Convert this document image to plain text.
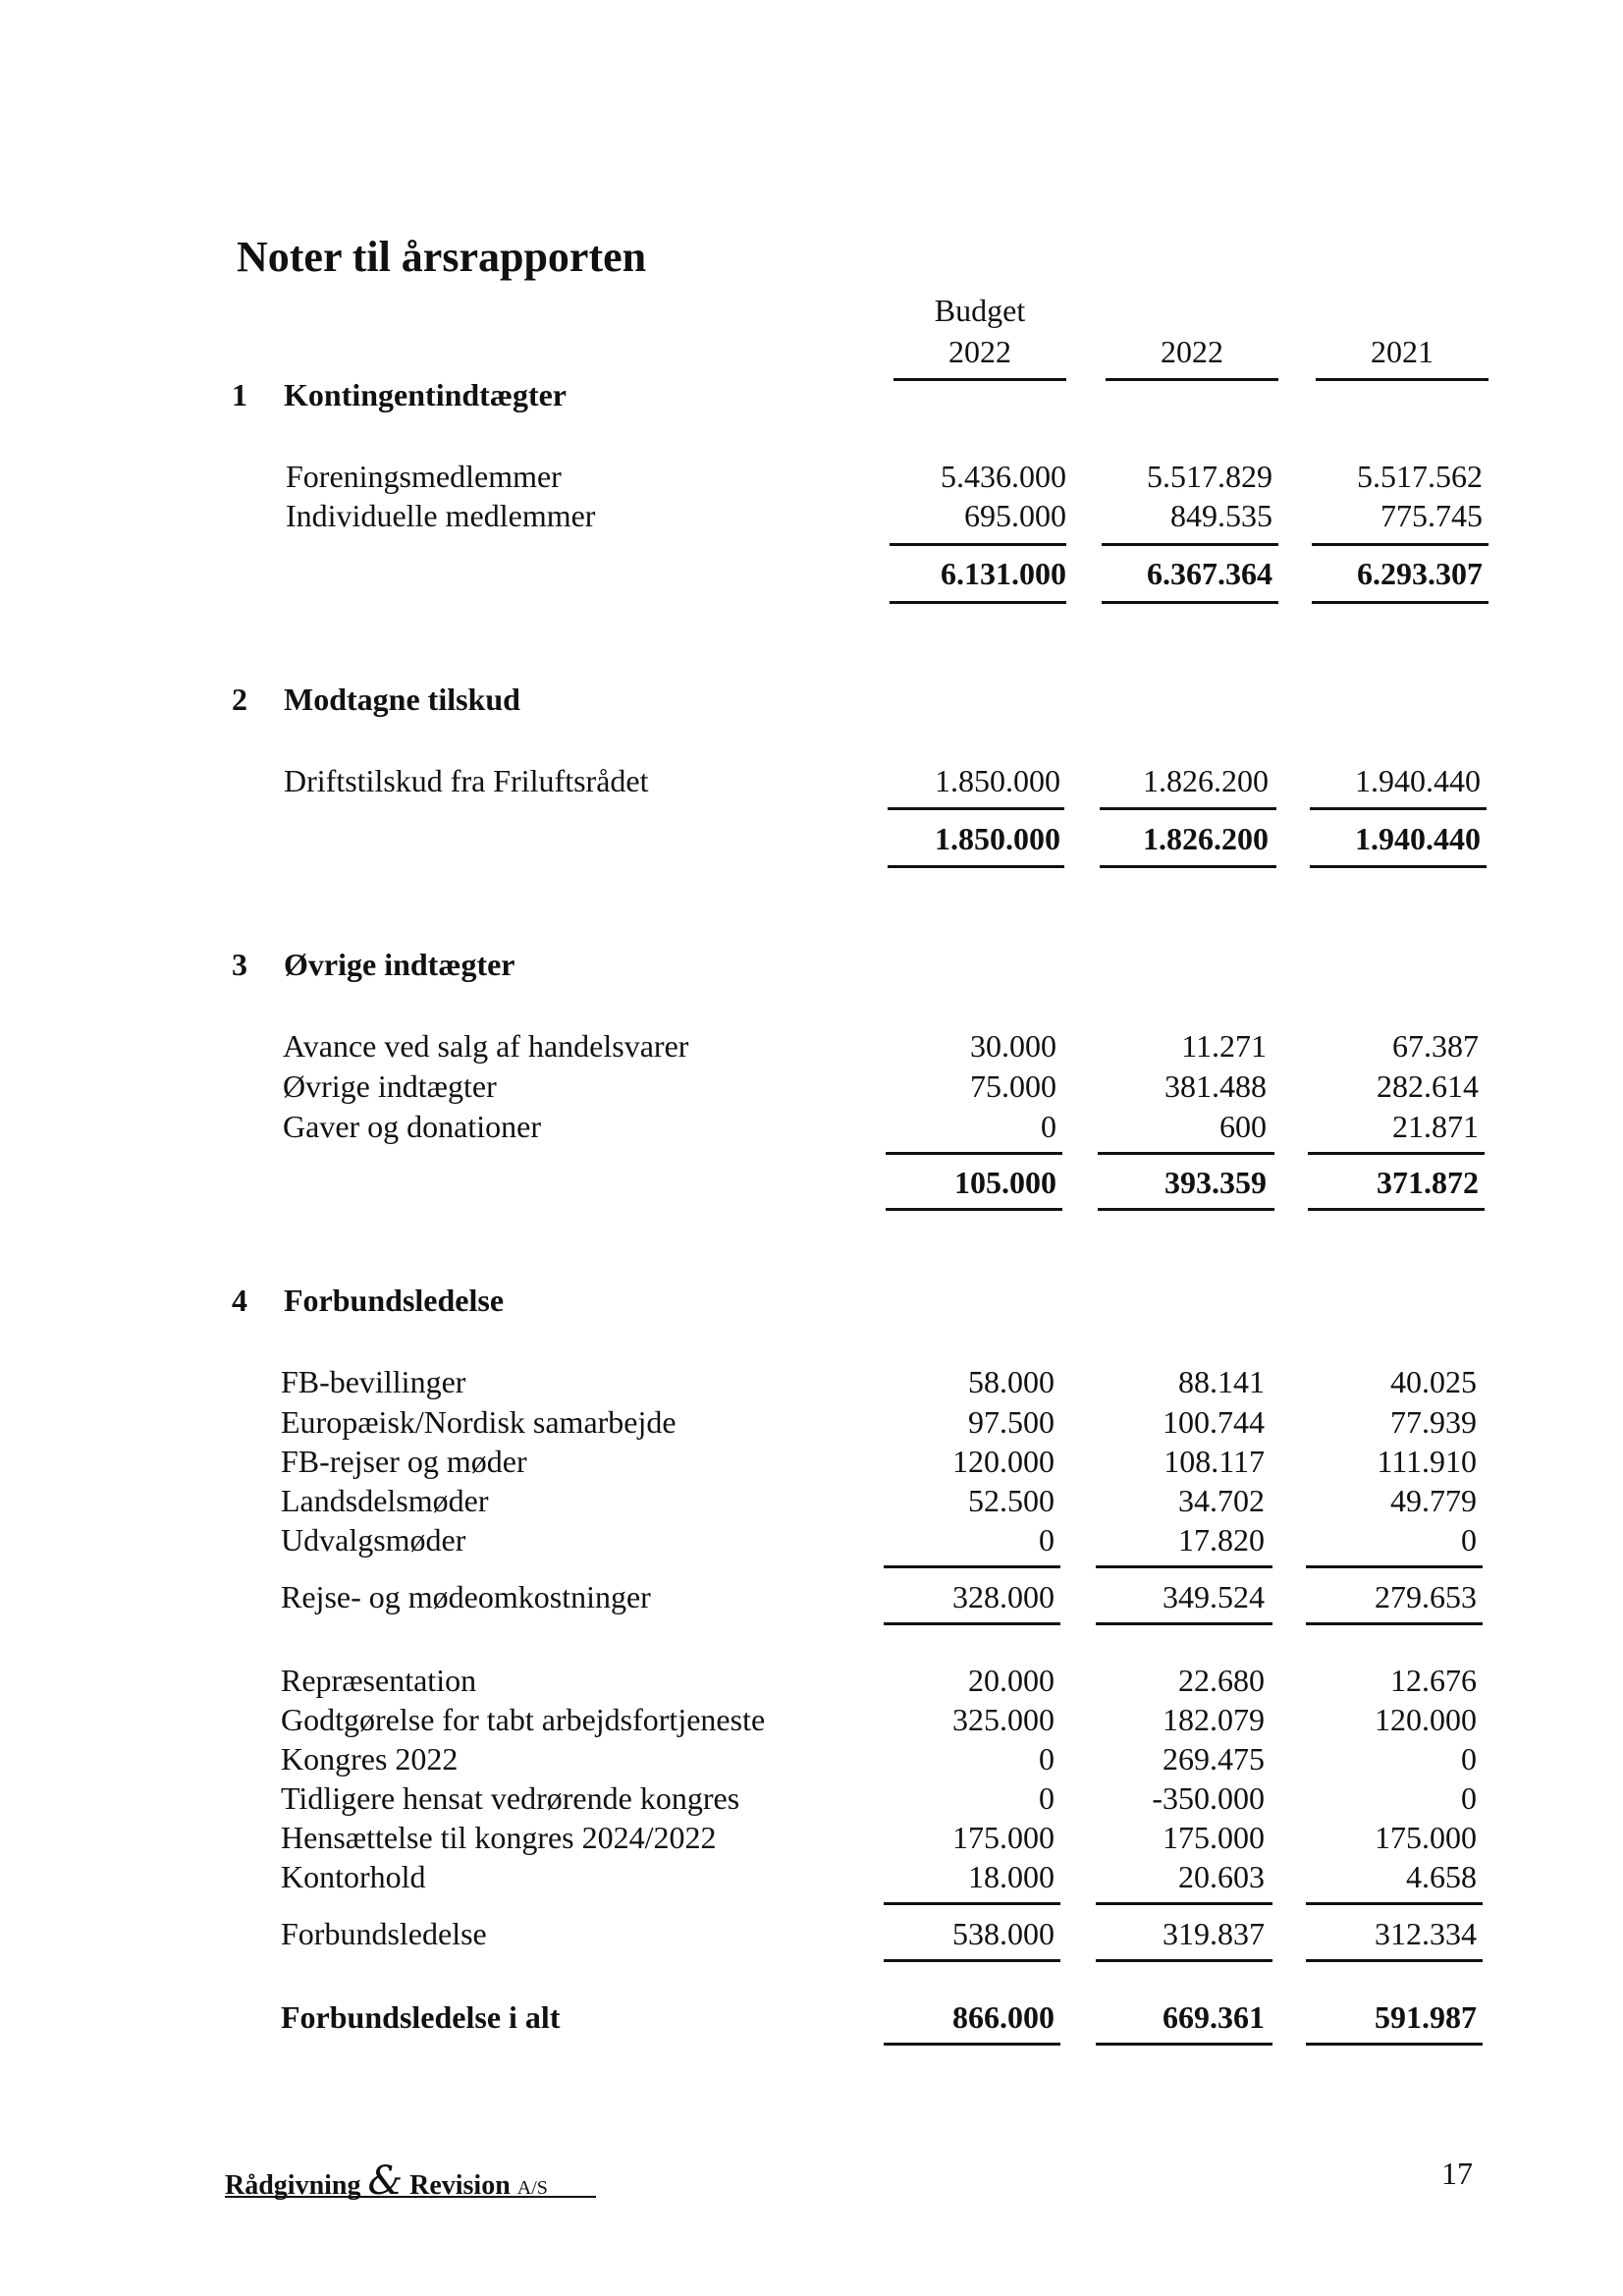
Noter til årsrapporten
Budget
2022	2022	2021
1 Kontingentindtægter
Foreningsmedlemmer	5.436.000	5.517.829	5.517.562
Individuelle medlemmer	695.000	849.535	775.745
6.131.000	6.367.364	6.293.307
2 Modtagne tilskud
Driftstilskud fra Friluftsrådet	1.850.000	1.826.200	1.940.440
1.850.000	1.826.200	1.940.440
3 Øvrige indtægter
Avance ved salg af handelsvarer	30.000	11.271	67.387
Øvrige indtægter	75.000	381.488	282.614
Gaver og donationer	0	600	21.871
105.000	393.359	371.872
4 Forbundsledelse
FB-bevillinger	58.000	88.141	40.025
Europæisk/Nordisk samarbejde	97.500	100.744	77.939
FB-rejser og møder	120.000	108.117	111.910
Landsdelsmøder	52.500	34.702	49.779
Udvalgsmøder	0	17.820	0
Rejse- og mødeomkostninger	328.000	349.524	279.653
Repræsentation	20.000	22.680	12.676
Godtgørelse for tabt arbejdsfortjeneste	325.000	182.079	120.000
Kongres 2022	0	269.475	0
Tidligere hensat vedrørende kongres	0	-350.000	0
Hensættelse til kongres 2024/2022	175.000	175.000	175.000
Kontorhold	18.000	20.603	4.658
Forbundsledelse	538.000	319.837	312.334
Forbundsledelse i alt	866.000	669.361	591.987
Rådgivning & Revision A/S	17
